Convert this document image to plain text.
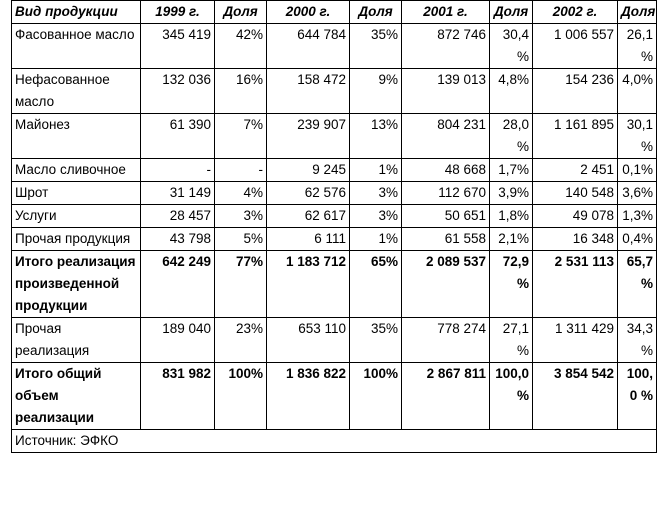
Вид продукции	1999 г.	Доля	2000 г.	Доля	2001 г.	Доля	2002 г.	Доля
Фасованное масло	345 419	42%	644 784	35%	872 746	30,4 %	1 006 557	26,1 %
Нефасованное масло	132 036	16%	158 472	9%	139 013	4,8%	154 236	4,0%
Майонез	61 390	7%	239 907	13%	804 231	28,0 %	1 161 895	30,1 %
Масло сливочное	-	-	9 245	1%	48 668	1,7%	2 451	0,1%
Шрот	31 149	4%	62 576	3%	112 670	3,9%	140 548	3,6%
Услуги	28 457	3%	62 617	3%	50 651	1,8%	49 078	1,3%
Прочая продукция	43 798	5%	6 111	1%	61 558	2,1%	16 348	0,4%
Итого реализация произведенной продукции	642 249	77%	1 183 712	65%	2 089 537	72,9 %	2 531 113	65,7 %
Прочая реализация	189 040	23%	653 110	35%	778 274	27,1 %	1 311 429	34,3 %
Итого общий объем реализации	831 982	100%	1 836 822	100%	2 867 811	100,0 %	3 854 542	100,0 %
Источник: ЭФКО								
